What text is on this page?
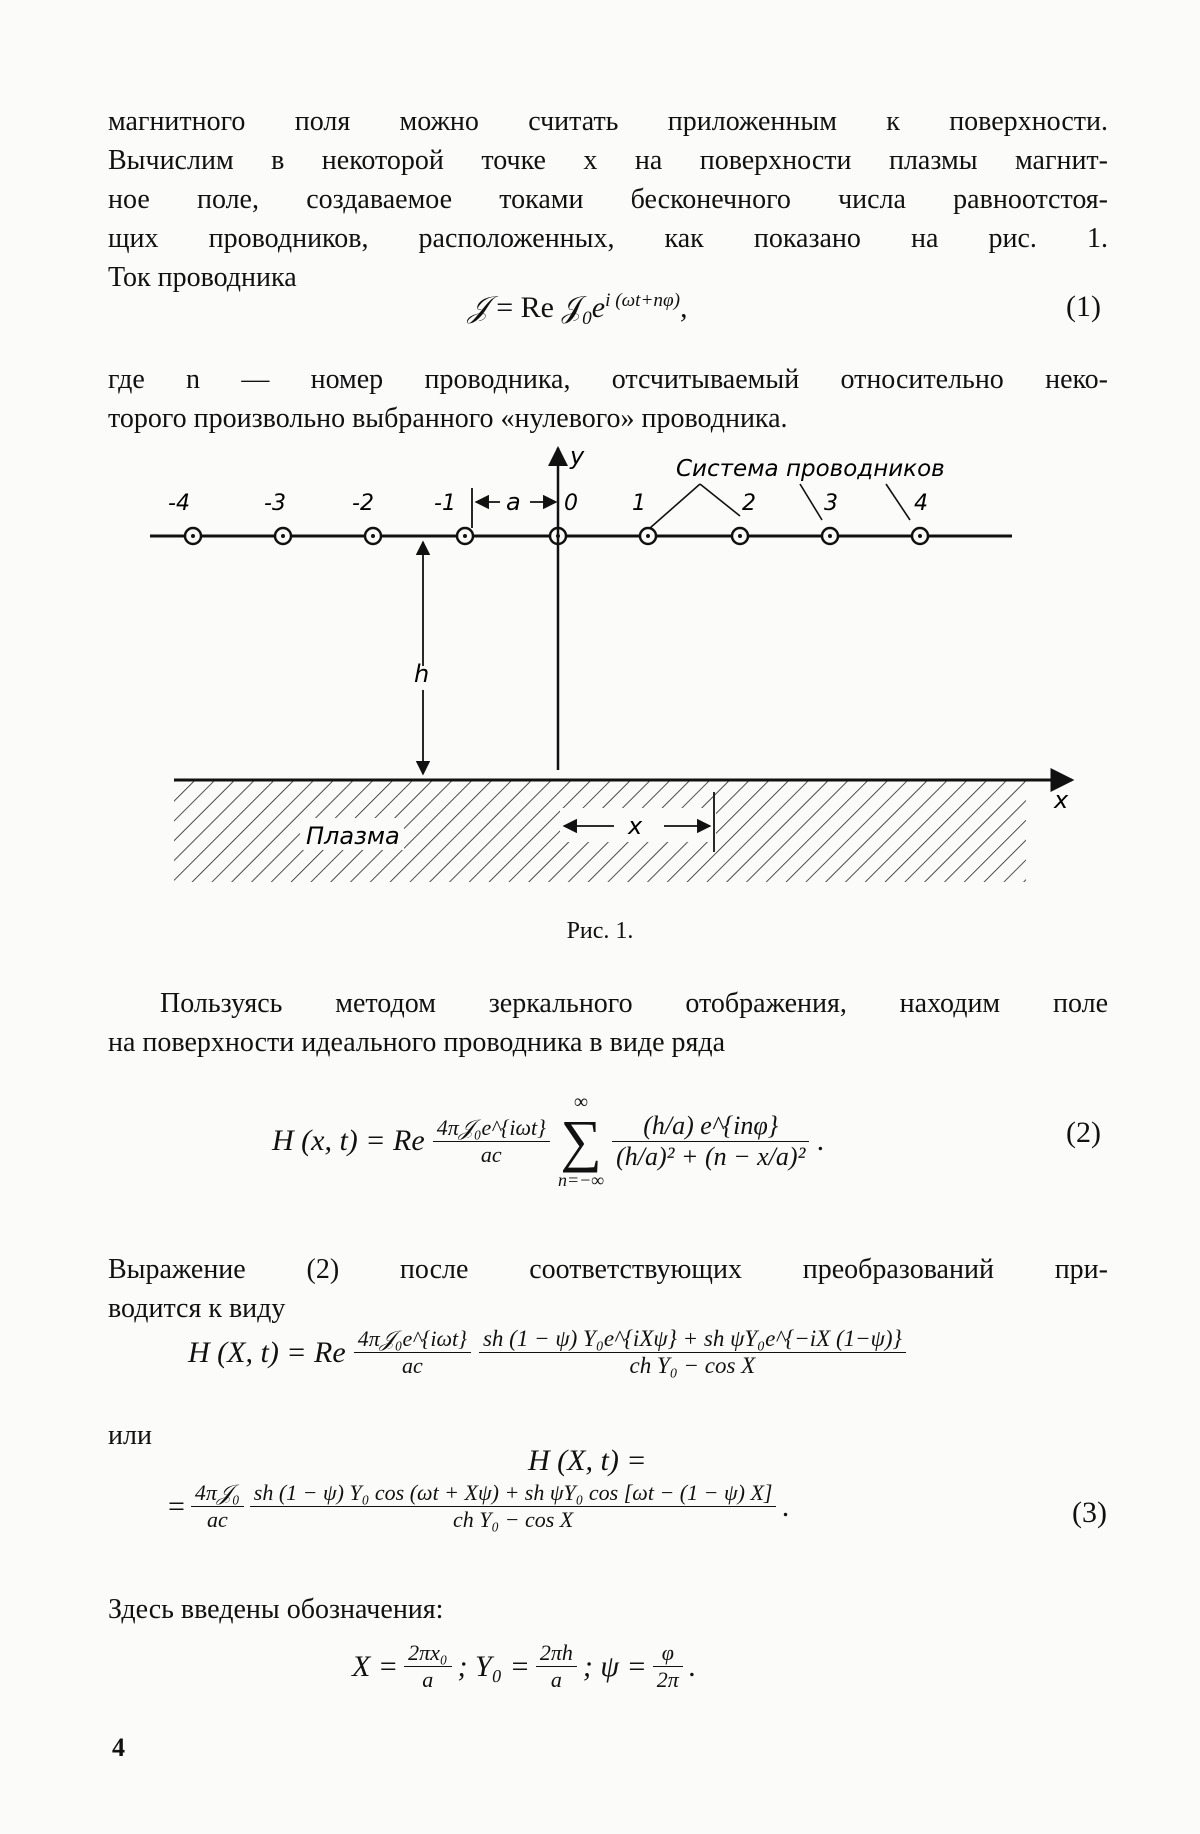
магнитного поля можно считать приложенным к поверхности.
Вычислим в некоторой точке x на поверхности плазмы магнит-
ное поле, создаваемое токами бесконечного числа равноотстоя-
щих проводников, расположенных, как показано на рис. 1.
Ток проводника

𝒥 = Re $𝒥_0e^{i (\omega t+n\varphi)}$,	(1)

где n — номер проводника, отсчитываемый относительно неко-
торого произвольно выбранного «нулевого» проводника.

-4	-3	-2	-1	0 1	2	3	4
Система проводников
a
y
h
Плазма
x
x
Рис. 1.

Пользуясь методом зеркального отображения, находим поле
на поверхности идеального проводника в виде ряда

H (x, t) = Re $\frac{\text{4π𝒥₀e\textasciicircum{}\{iωt\}}}{ac}$
∞
∑
n=−∞
$\frac{\text{(h/a) e\textasciicircum{}\{inφ\}}}{\text{(h/a)² + (n − x/a)²}}$ .	(2)

Выражение (2) после соответствующих преобразований при-
водится к виду

H (X, t) = Re $\frac{\text{4π𝒥₀e\textasciicircum{}\{iωt\}}}{ac} \frac{\text{sh (1 − ψ) Y₀e\textasciicircum{}\{iXψ\} + sh ψY₀e\textasciicircum{}\{−iX (1−ψ)\}}}{\text{ch Y₀ − cos X}}$
или
H (X, t) =
= $\frac{\text{4π𝒥₀}}{ac} \frac{\text{sh (1 − ψ) Y₀ cos (ωt + Xψ) + sh ψY₀ cos [ωt − (1 − ψ) X]}}{\text{ch Y₀ − cos X}}$ .	(3)

Здесь введены обозначения:

$X = \frac{\text{2πx₀}}{a}$ ; $Y_0 = \frac{2\pi h}{a}$ ; $\psi = \frac{\varphi}{2\pi}$ .
4
